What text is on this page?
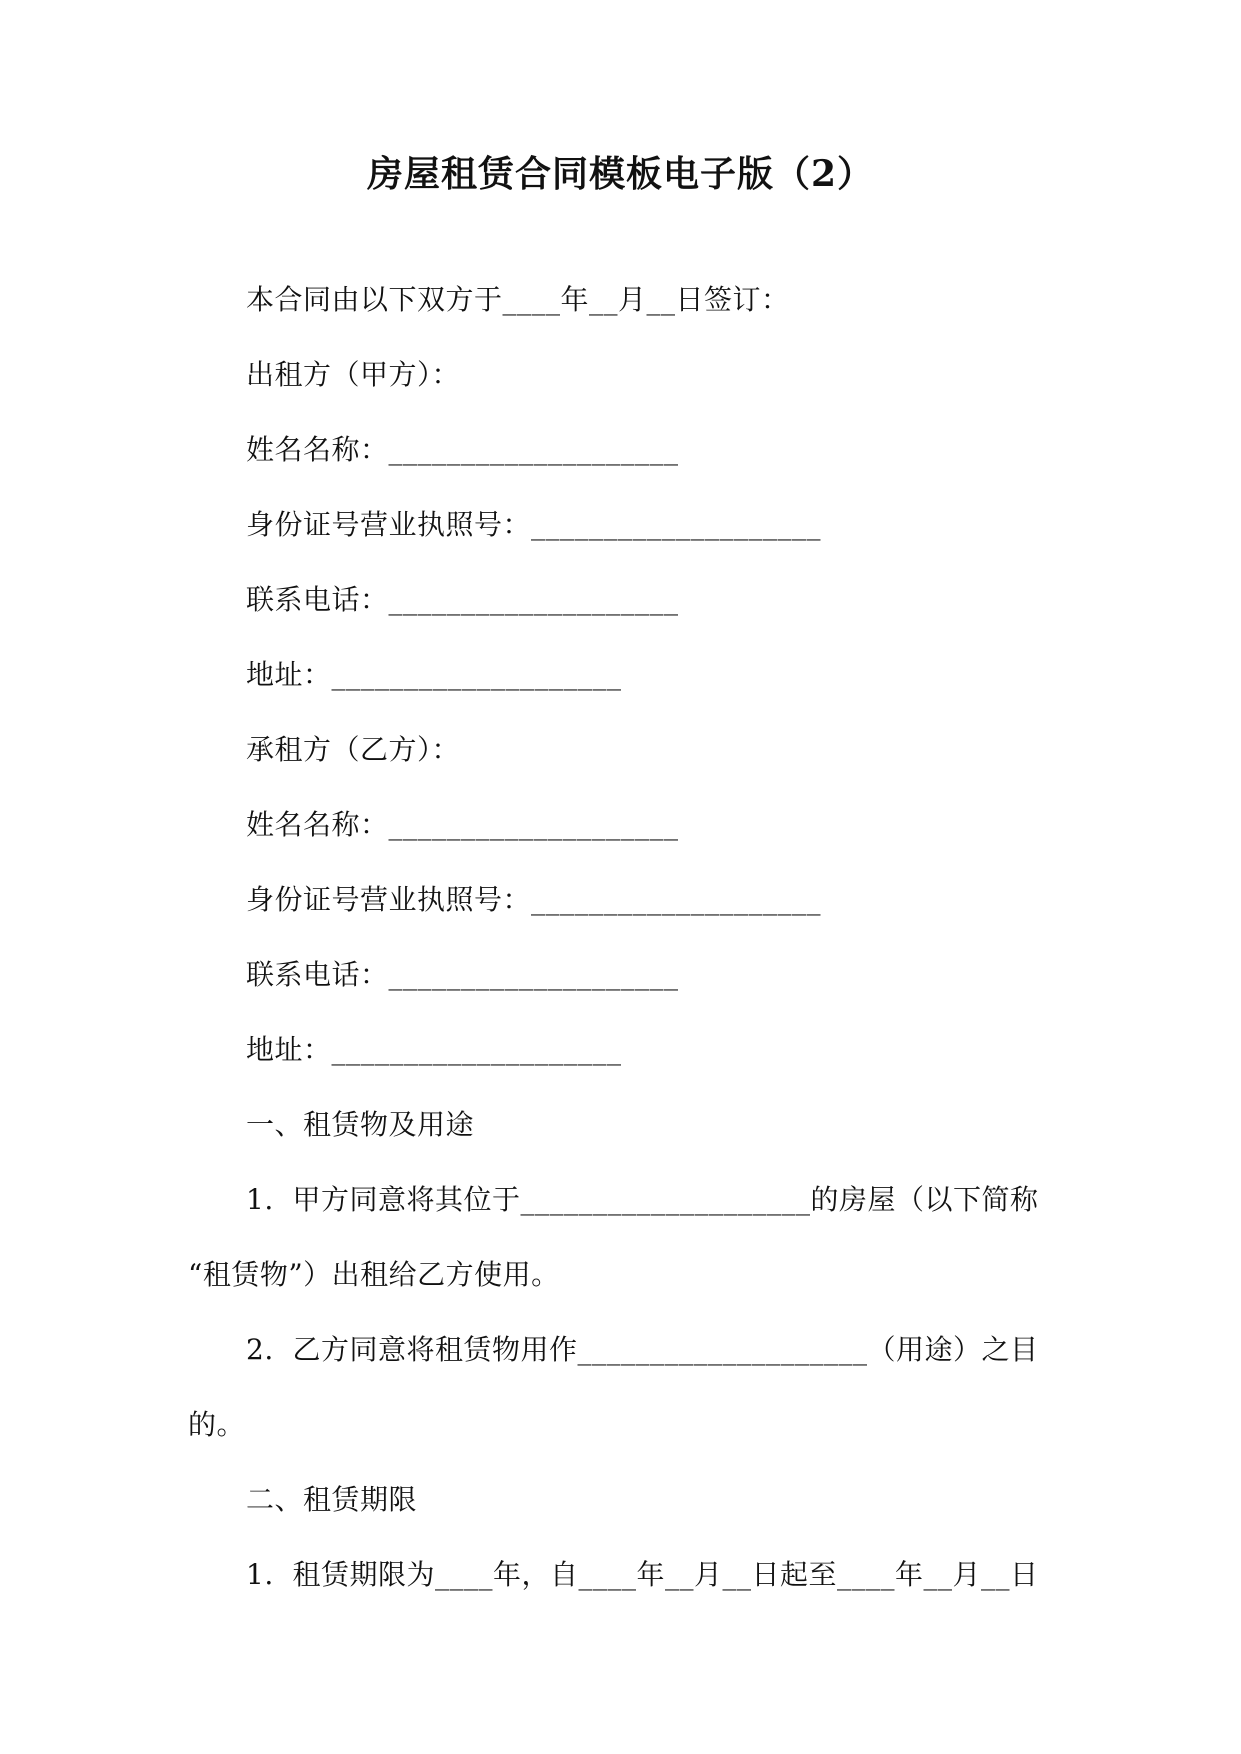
房屋租赁合同模板电子版（2）
本合同由以下双方于____年__月__日签订：
出租方（甲方）：
姓名名称：____________________
身份证号营业执照号：____________________
联系电话：____________________
地址：____________________
承租方（乙方）：
姓名名称：____________________
身份证号营业执照号：____________________
联系电话：____________________
地址：____________________
一、租赁物及用途
1.  甲方同意将其位于____________________的房屋（以下简称
“租赁物”）出租给乙方使用。
2.  乙方同意将租赁物用作____________________（用途）之目
的。
二、租赁期限
1.  租赁期限为____年，自____年__月__日起至____年__月__日
